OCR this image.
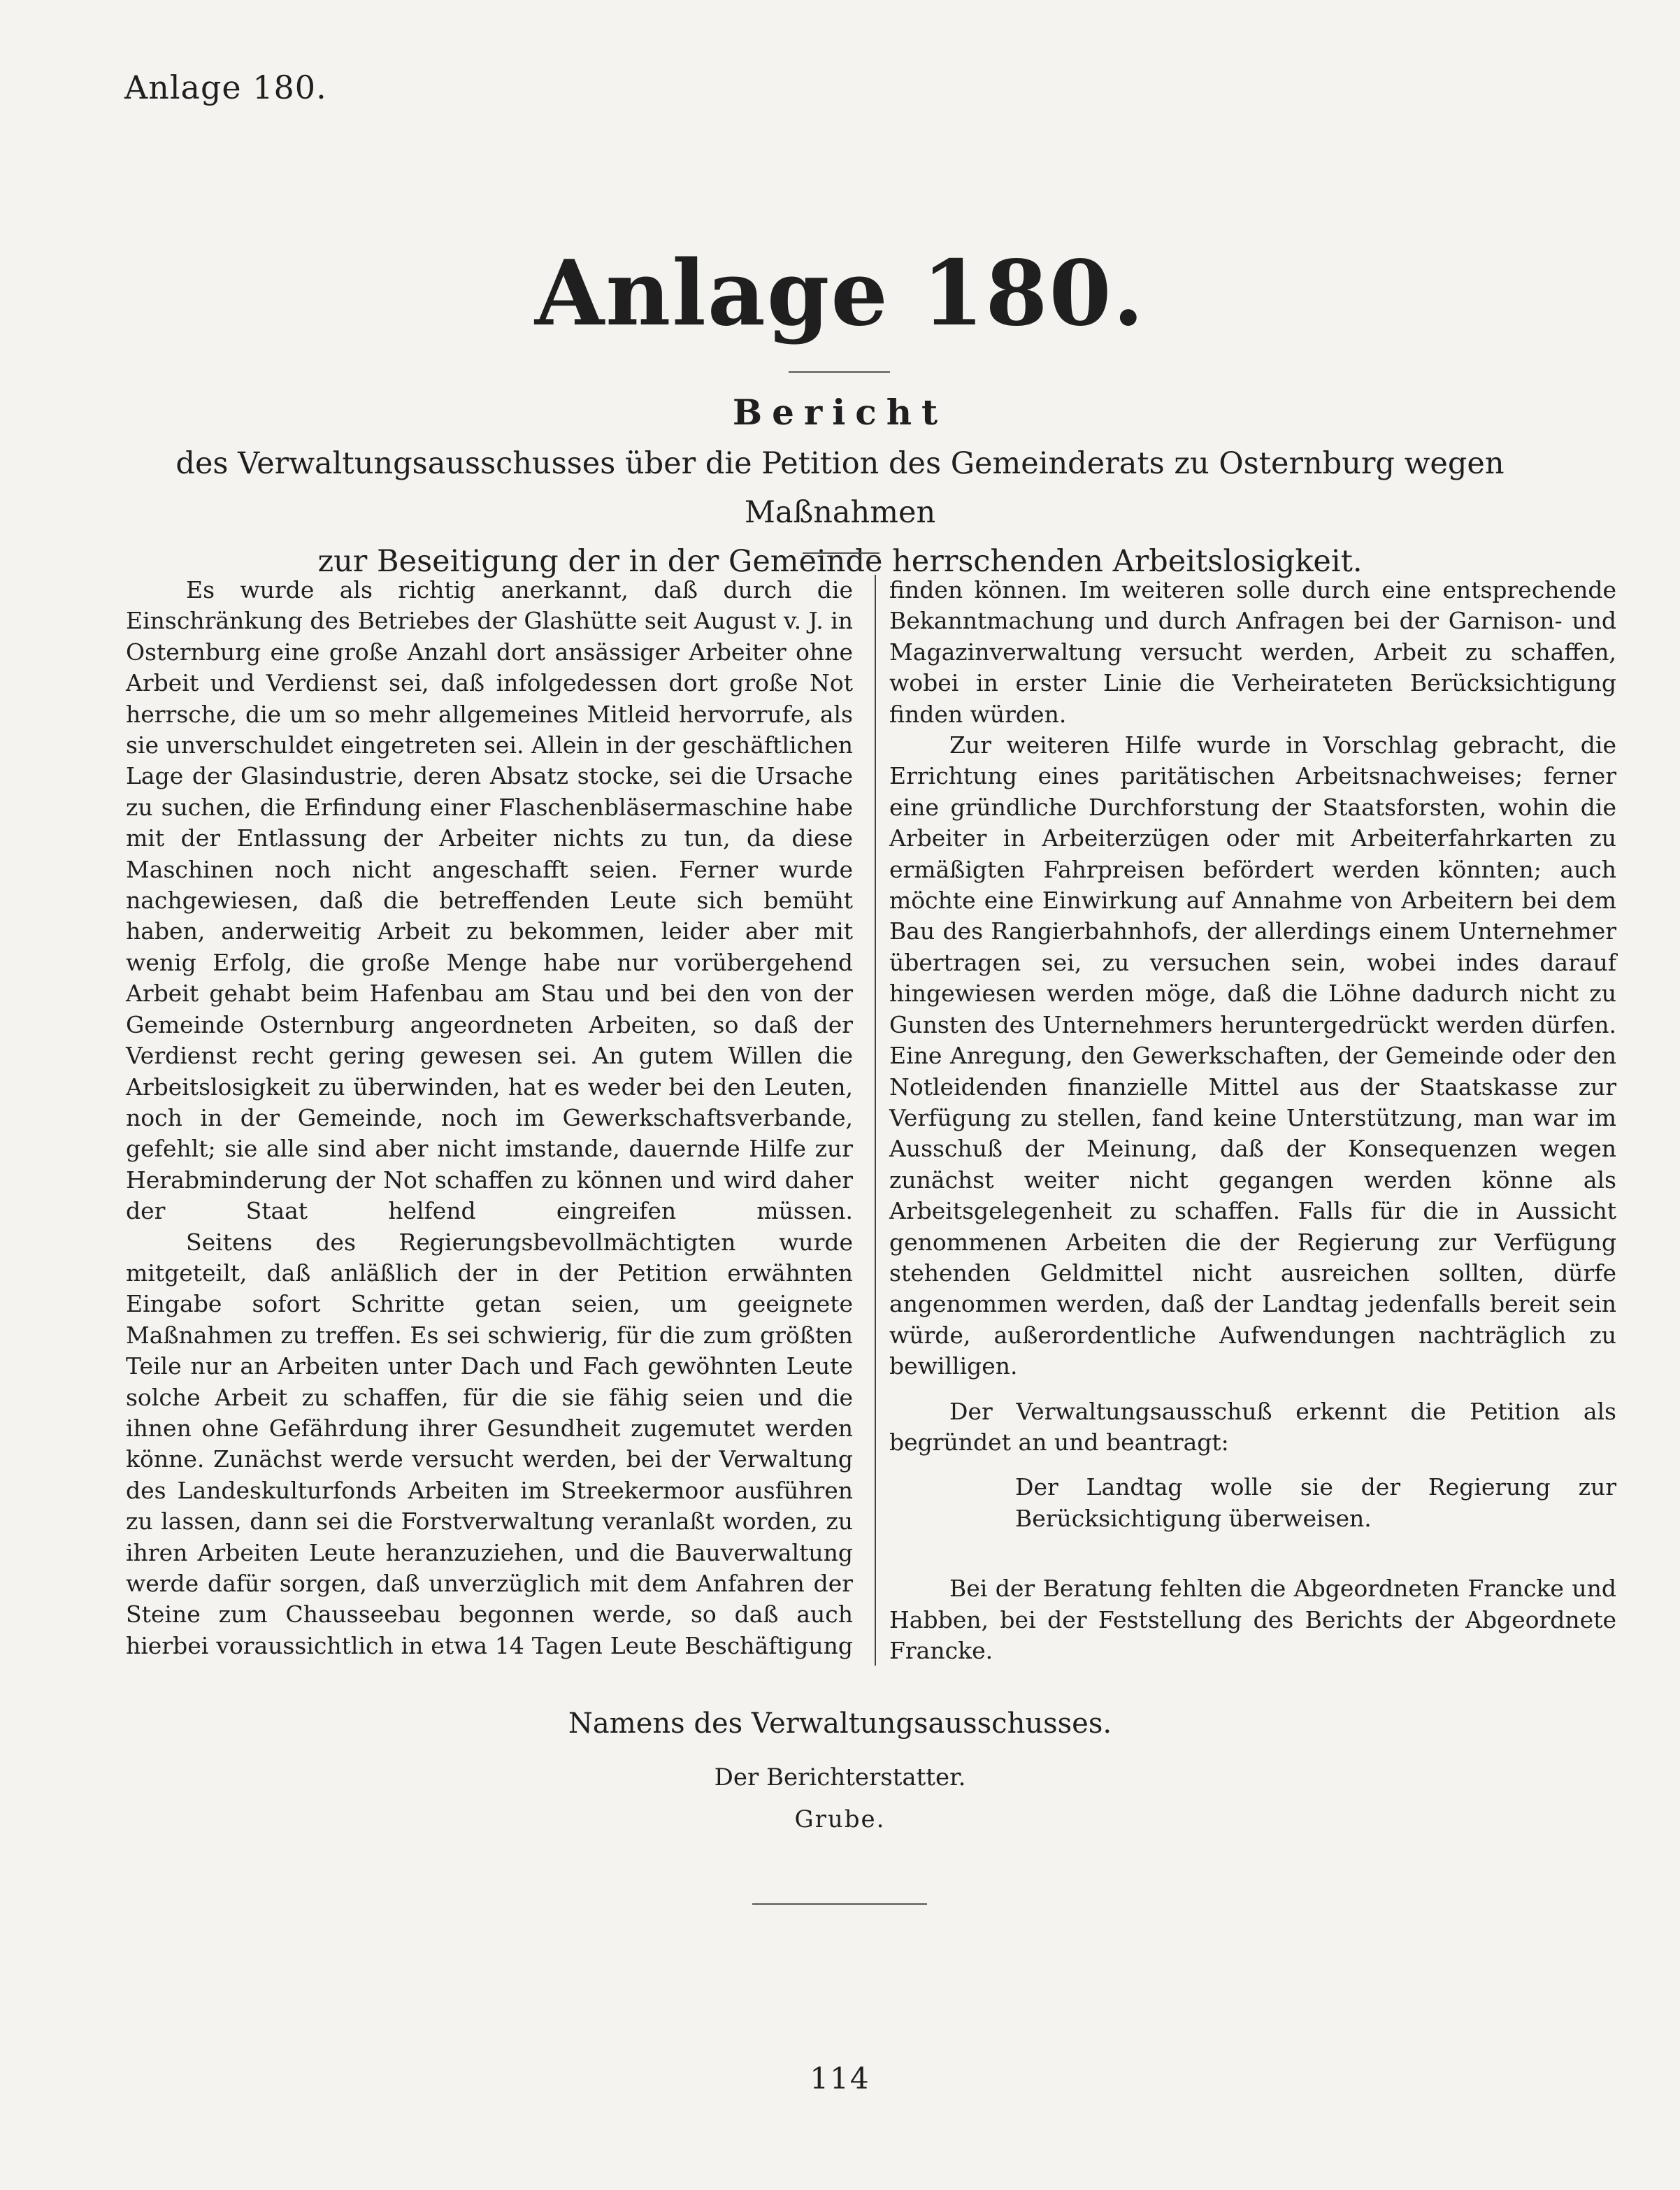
Anlage 180.
Anlage 180.
Bericht
des Verwaltungsausschusses über die Petition des Gemeinderats zu Osternburg wegen Maßnahmen
zur Beseitigung der in der Gemeinde herrschenden Arbeitslosigkeit.

Es wurde als richtig anerkannt, daß durch die Einschränkung des Betriebes der Glashütte seit August v. J. in Osternburg eine große Anzahl dort ansässiger Arbeiter ohne Arbeit und Verdienst sei, daß infolgedessen dort große Not herrsche, die um so mehr allgemeines Mitleid hervorrufe, als sie unverschuldet eingetreten sei. Allein in der geschäftlichen Lage der Glasindustrie, deren Absatz stocke, sei die Ursache zu suchen, die Erfindung einer Flaschenbläsermaschine habe mit der Entlassung der Arbeiter nichts zu tun, da diese Maschinen noch nicht angeschafft seien. Ferner wurde nachgewiesen, daß die betreffenden Leute sich bemüht haben, anderweitig Arbeit zu bekommen, leider aber mit wenig Erfolg, die große Menge habe nur vorübergehend Arbeit gehabt beim Hafenbau am Stau und bei den von der Gemeinde Osternburg angeordneten Arbeiten, so daß der Verdienst recht gering gewesen sei. An gutem Willen die Arbeitslosigkeit zu überwinden, hat es weder bei den Leuten, noch in der Gemeinde, noch im Gewerkschaftsverbande, gefehlt; sie alle sind aber nicht imstande, dauernde Hilfe zur Herabminderung der Not schaffen zu können und wird daher der Staat helfend eingreifen müssen.

Seitens des Regierungsbevollmächtigten wurde mitgeteilt, daß anläßlich der in der Petition erwähnten Eingabe sofort Schritte getan seien, um geeignete Maßnahmen zu treffen. Es sei schwierig, für die zum größten Teile nur an Arbeiten unter Dach und Fach gewöhnten Leute solche Arbeit zu schaffen, für die sie fähig seien und die ihnen ohne Gefährdung ihrer Gesundheit zugemutet werden könne. Zunächst werde versucht werden, bei der Verwaltung des Landeskulturfonds Arbeiten im Streekermoor ausführen zu lassen, dann sei die Forstverwaltung veranlaßt worden, zu ihren Arbeiten Leute heranzuziehen, und die Bauverwaltung werde dafür sorgen, daß unverzüglich mit dem Anfahren der Steine zum Chausseebau begonnen werde, so daß auch hierbei voraussichtlich in etwa 14 Tagen Leute Beschäftigung

finden können. Im weiteren solle durch eine entsprechende Bekanntmachung und durch Anfragen bei der Garnison- und Magazinverwaltung versucht werden, Arbeit zu schaffen, wobei in erster Linie die Verheirateten Berücksichtigung finden würden.

Zur weiteren Hilfe wurde in Vorschlag gebracht, die Errichtung eines paritätischen Arbeitsnachweises; ferner eine gründliche Durchforstung der Staatsforsten, wohin die Arbeiter in Arbeiterzügen oder mit Arbeiterfahrkarten zu ermäßigten Fahrpreisen befördert werden könnten; auch möchte eine Einwirkung auf Annahme von Arbeitern bei dem Bau des Rangierbahnhofs, der allerdings einem Unternehmer übertragen sei, zu versuchen sein, wobei indes darauf hingewiesen werden möge, daß die Löhne dadurch nicht zu Gunsten des Unternehmers heruntergedrückt werden dürfen. Eine Anregung, den Gewerkschaften, der Gemeinde oder den Notleidenden finanzielle Mittel aus der Staatskasse zur Verfügung zu stellen, fand keine Unterstützung, man war im Ausschuß der Meinung, daß der Konsequenzen wegen zunächst weiter nicht gegangen werden könne als Arbeitsgelegenheit zu schaffen. Falls für die in Aussicht genommenen Arbeiten die der Regierung zur Verfügung stehenden Geldmittel nicht ausreichen sollten, dürfe angenommen werden, daß der Landtag jedenfalls bereit sein würde, außerordentliche Aufwendungen nachträglich zu bewilligen.

Der Verwaltungsausschuß erkennt die Petition als begründet an und beantragt:

Der Landtag wolle sie der Regierung zur Berücksichtigung überweisen.

Bei der Beratung fehlten die Abgeordneten Francke und Habben, bei der Feststellung des Berichts der Abgeordnete Francke.

Namens des Verwaltungsausschusses.
Der Berichterstatter.
Grube.
114
